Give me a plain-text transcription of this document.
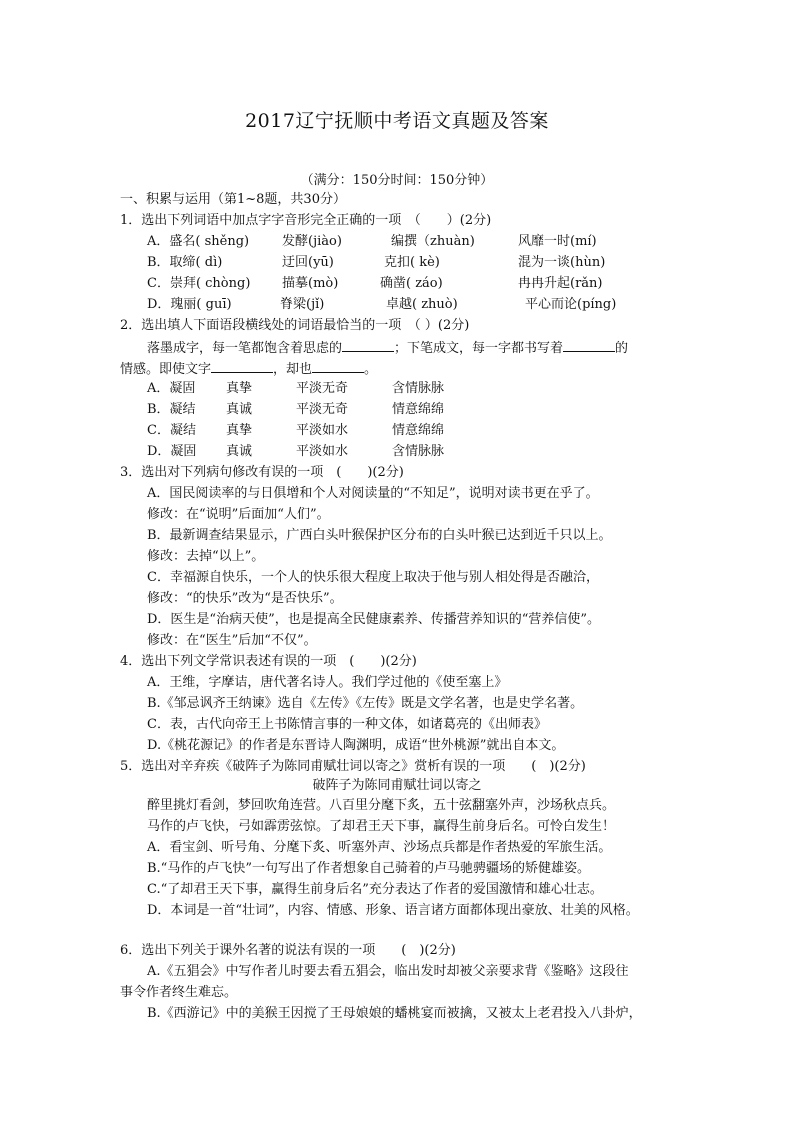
2017辽宁抚顺中考语文真题及答案
（满分：150分时间：150分钟）
一、积累与运用（第1~8题，共30分）
1．选出下列词语中加点字字音形完全正确的一项　（　　）(2分)
A．盛名( shěng)	发酵(jiào)	编撰（zhuàn)	风靡一时(mí)
B．取缔( dì)	迂回(yū)	克扣( kè)	混为一谈(hùn)
C．崇拜( chòng) 描摹(mò)	确凿( záo)	冉冉升起(rǎn)
D．瑰丽( guī)	脊梁(jǐ)	卓越( zhuò)	平心而论(píng)
2．选出填人下面语段横线处的词语最恰当的一项　（ ）(2分)
落墨成字，每一笔都饱含着思虑的	；下笔成文，每一字都书写着	的
情感。即使文字	，却也	。
A．凝固 真挚	平淡无奇	含情脉脉
B．凝结 真诚	平淡无奇	情意绵绵
C．凝结 真挚	平淡如水	情意绵绵
D．凝固 真诚	平淡如水	含情脉脉
3．选出对下列病句修改有误的一项　(　　)(2分)
A．国民阅读率的与日俱增和个人对阅读量的“不知足”，说明对读书更在乎了。
修改：在“说明”后面加“人们”。
B．最新调查结果显示，广西白头叶猴保护区分布的白头叶猴已达到近千只以上。
修改：去掉“以上”。
C．幸福源自快乐，一个人的快乐很大程度上取决于他与别人相处得是否融洽，
修改：“的快乐”改为“是否快乐”。
D．医生是“治病天使”，也是提高全民健康素养、传播营养知识的“营养信使”。
修改：在“医生”后加“不仅”。
4．选出下列文学常识表述有误的一项　(　　)(2分)
A．王维，字摩诘，唐代著名诗人。我们学过他的《使至塞上》
B.《邹忌讽齐王纳谏》选自《左传》《左传》既是文学名著，也是史学名著。
C．表，古代向帝王上书陈情言事的一种文体，如诸葛亮的《出师表》
D.《桃花源记》的作者是东晋诗人陶渊明，成语“世外桃源”就出自本文。
5．选出对辛弃疾《破阵子为陈同甫赋壮词以寄之》赏析有误的一项　　(　)(2分)
破阵子为陈同甫赋壮词以寄之
醉里挑灯看剑，梦回吹角连营。八百里分麾下炙，五十弦翻塞外声，沙场秋点兵。
马作的卢飞快，弓如霹雳弦惊。了却君王天下事，赢得生前身后名。可怜白发生！
A．看宝剑、听号角、分麾下炙、听塞外声、沙场点兵都是作者热爱的军旅生活。
B.“马作的卢飞快”一句写出了作者想象自己骑着的卢马驰骋疆场的矫健雄姿。
C.“了却君王天下事，赢得生前身后名”充分表达了作者的爱国激情和雄心壮志。
D．本词是一首“壮词”，内容、情感、形象、语言诸方面都体现出豪放、壮美的风格。
6．选出下列关于课外名著的说法有误的一项　　(　)(2分)
A.《五猖会》中写作者儿时要去看五猖会，临出发时却被父亲要求背《鉴略》这段往
事令作者终生难忘。
B.《西游记》中的美猴王因搅了王母娘娘的蟠桃宴而被擒，又被太上老君投入八卦炉，
